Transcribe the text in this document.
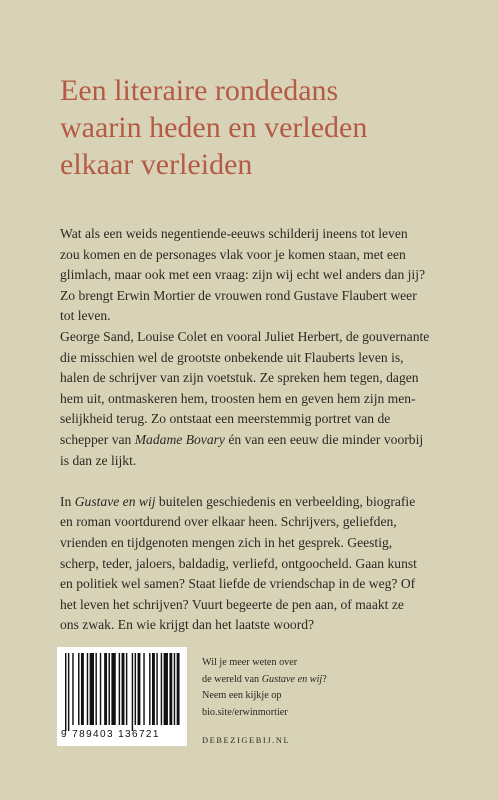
Een literaire rondedans
waarin heden en verleden
elkaar verleiden
Wat als een weids negentiende-eeuws schilderij ineens tot leven
zou komen en de personages vlak voor je komen staan, met een
glimlach, maar ook met een vraag: zijn wij echt wel anders dan jij?
Zo brengt Erwin Mortier de vrouwen rond Gustave Flaubert weer
tot leven.
George Sand, Louise Colet en vooral Juliet Herbert, de gouvernante
die misschien wel de grootste onbekende uit Flauberts leven is,
halen de schrijver van zijn voetstuk. Ze spreken hem tegen, dagen
hem uit, ontmaskeren hem, troosten hem en geven hem zijn men-
selijkheid terug. Zo ontstaat een meerstemmig portret van de
schepper van Madame Bovary én van een eeuw die minder voorbij
is dan ze lijkt.
In Gustave en wij buitelen geschiedenis en verbeelding, biografie
en roman voortdurend over elkaar heen. Schrijvers, geliefden,
vrienden en tijdgenoten mengen zich in het gesprek. Geestig,
scherp, teder, jaloers, baldadig, verliefd, ontgoocheld. Gaan kunst
en politiek wel samen? Staat liefde de vriendschap in de weg? Of
het leven het schrijven? Vuurt begeerte de pen aan, of maakt ze
ons zwak. En wie krijgt dan het laatste woord?
9 789403 136721
Wil je meer weten over
de wereld van Gustave en wij?
Neem een kijkje op
bio.site/erwinmortier
DEBEZIGEBIJ.NL
